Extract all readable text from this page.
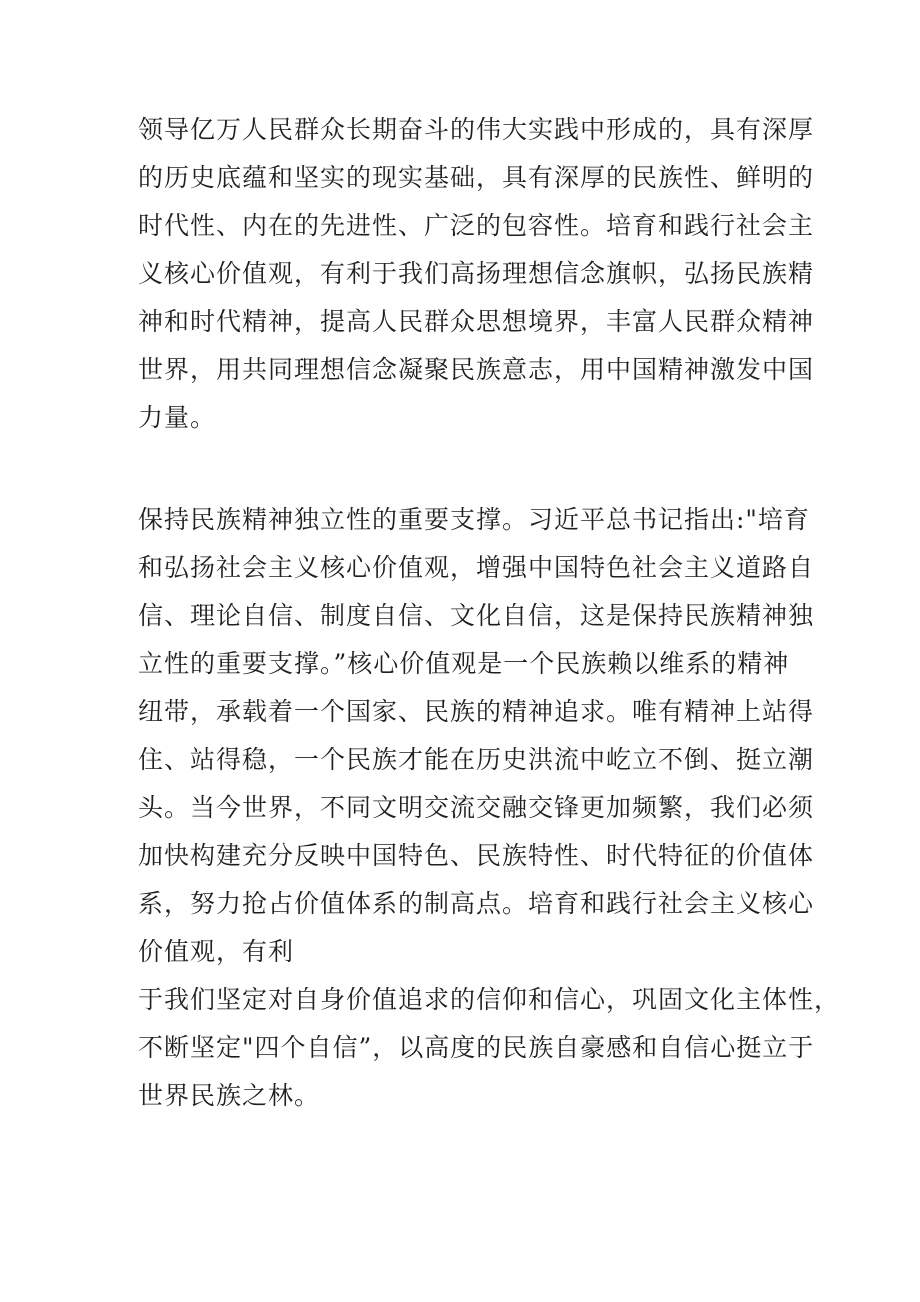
领导亿万人民群众长期奋斗的伟大实践中形成的，具有深厚
的历史底蕴和坚实的现实基础，具有深厚的民族性、鲜明的
时代性、内在的先进性、广泛的包容性。培育和践行社会主
义核心价值观，有利于我们高扬理想信念旗帜，弘扬民族精
神和时代精神，提高人民群众思想境界，丰富人民群众精神
世界，用共同理想信念凝聚民族意志，用中国精神激发中国
力量。
保持民族精神独立性的重要支撑。习近平总书记指出:"培育
和弘扬社会主义核心价值观，增强中国特色社会主义道路自
信、理论自信、制度自信、文化自信，这是保持民族精神独
立性的重要支撑。”核心价值观是一个民族赖以维系的精神
纽带，承载着一个国家、民族的精神追求。唯有精神上站得
住、站得稳，一个民族才能在历史洪流中屹立不倒、挺立潮
头。当今世界，不同文明交流交融交锋更加频繁，我们必须
加快构建充分反映中国特色、民族特性、时代特征的价值体
系，努力抢占价值体系的制高点。培育和践行社会主义核心
价值观，有利
于我们坚定对自身价值追求的信仰和信心，巩固文化主体性，
不断坚定"四个自信”，以高度的民族自豪感和自信心挺立于
世界民族之林。
